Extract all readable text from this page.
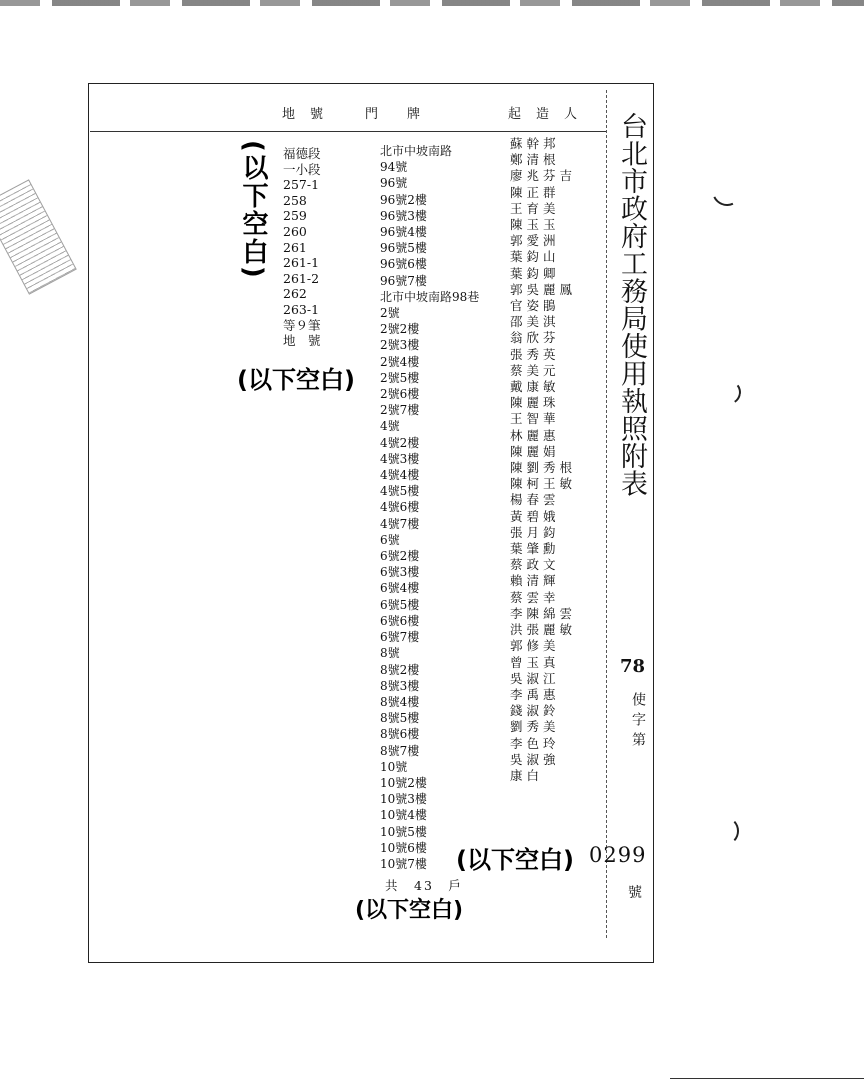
地　號	門　　牌	起　造　人 台北市政府工務局使用執照附表
福德段
一小段
257-1
258
259
260
261
261-1
261-2
262
263-1
等９筆
地　號
北市中坡南路
94號
96號
96號2樓
96號3樓
96號4樓
96號5樓
96號6樓
96號7樓
北市中坡南路98巷
2號
2號2樓
2號3樓
2號4樓
2號5樓
2號6樓
2號7樓
4號
4號2樓
4號3樓
4號4樓
4號5樓
4號6樓
4號7樓
6號
6號2樓
6號3樓
6號4樓
6號5樓
6號6樓
6號7樓
8號
8號2樓
8號3樓
8號4樓
8號5樓
8號6樓
8號7樓
10號
10號2樓
10號3樓
10號4樓
10號5樓
10號6樓
10號7樓
蘇幹邦
鄭清根
廖兆芬吉
陳正群
王育美
陳玉玉
郭愛洲
葉鈞山
葉鈞卿
郭吳麗鳳
官姿鵑
邵美淇
翁欣芬
張秀英
蔡美元
戴康敏
陳麗珠
王智華
林麗惠
陳麗娟
陳劉秀根
陳柯王敏
楊春雲
黃碧娥
張月鈞
葉肇勳
蔡政文
賴清輝
蔡雲幸
李陳綿雲
洪張麗敏
郭修美
曾玉真
吳淑江
李禹惠
錢淑鈴
劉秀美
李色玲
吳淑強
康白
共　43　戶
78
使字第
0299
號
(以下空白)
(以下空白)
(以下空白)
(以下空白)
